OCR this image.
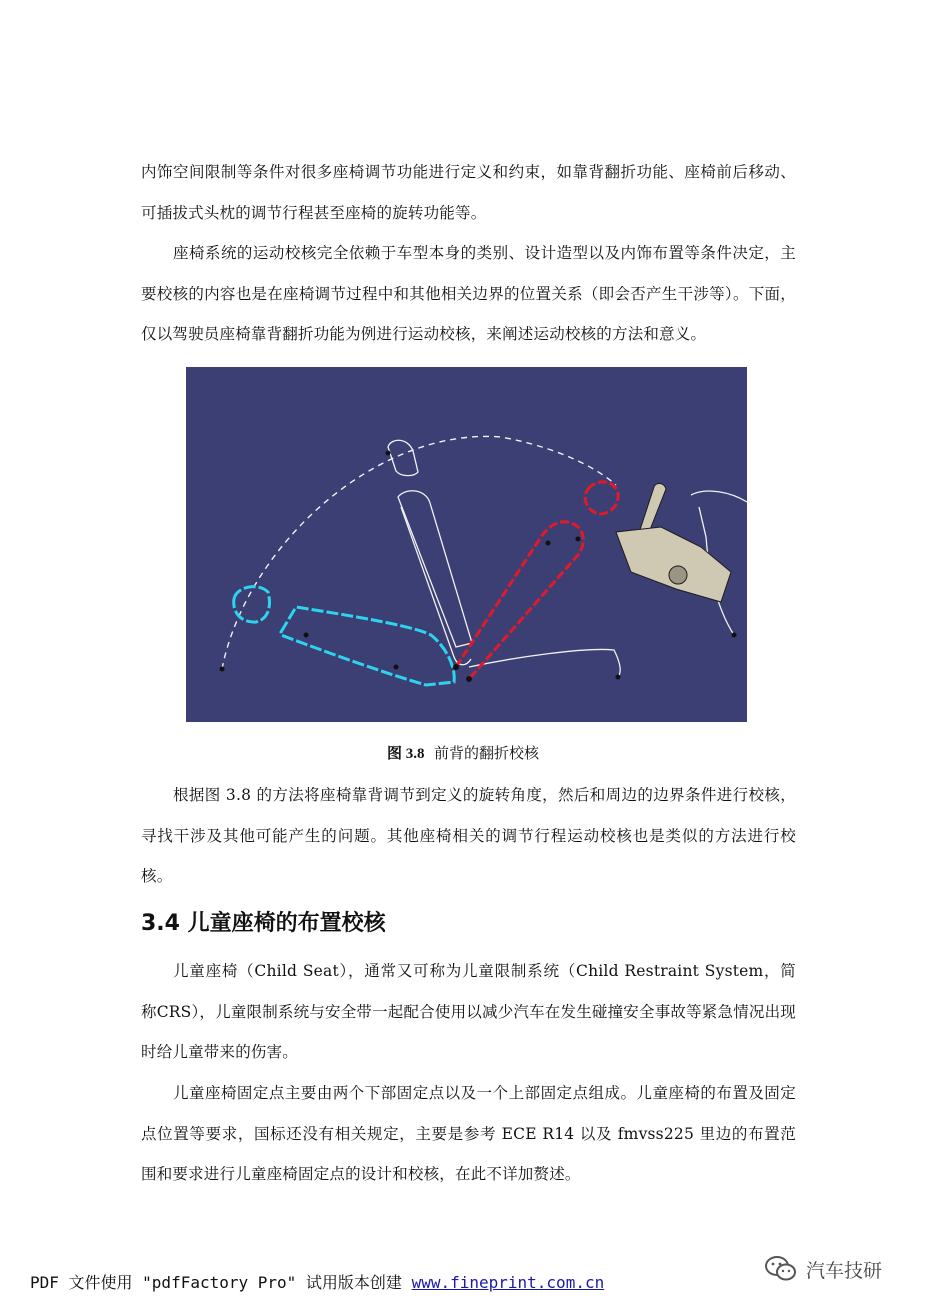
内饰空间限制等条件对很多座椅调节功能进行定义和约束，如靠背翻折功能、座椅前后移动、可插拔式头枕的调节行程甚至座椅的旋转功能等。

座椅系统的运动校核完全依赖于车型本身的类别、设计造型以及内饰布置等条件决定，主要校核的内容也是在座椅调节过程中和其他相关边界的位置关系（即会否产生干涉等）。下面，仅以驾驶员座椅靠背翻折功能为例进行运动校核，来阐述运动校核的方法和意义。

图 3.8 前背的翻折校核

根据图 3.8 的方法将座椅靠背调节到定义的旋转角度，然后和周边的边界条件进行校核，寻找干涉及其他可能产生的问题。其他座椅相关的调节行程运动校核也是类似的方法进行校核。

3.4 儿童座椅的布置校核

儿童座椅（Child Seat），通常又可称为儿童限制系统（Child Restraint System，简称CRS），儿童限制系统与安全带一起配合使用以减少汽车在发生碰撞安全事故等紧急情况出现时给儿童带来的伤害。

儿童座椅固定点主要由两个下部固定点以及一个上部固定点组成。儿童座椅的布置及固定点位置等要求，国标还没有相关规定，主要是参考 ECE R14 以及 fmvss225 里边的布置范围和要求进行儿童座椅固定点的设计和校核，在此不详加赘述。

PDF 文件使用 "pdfFactory Pro" 试用版本创建 www.fineprint.com.cn
汽车技研
